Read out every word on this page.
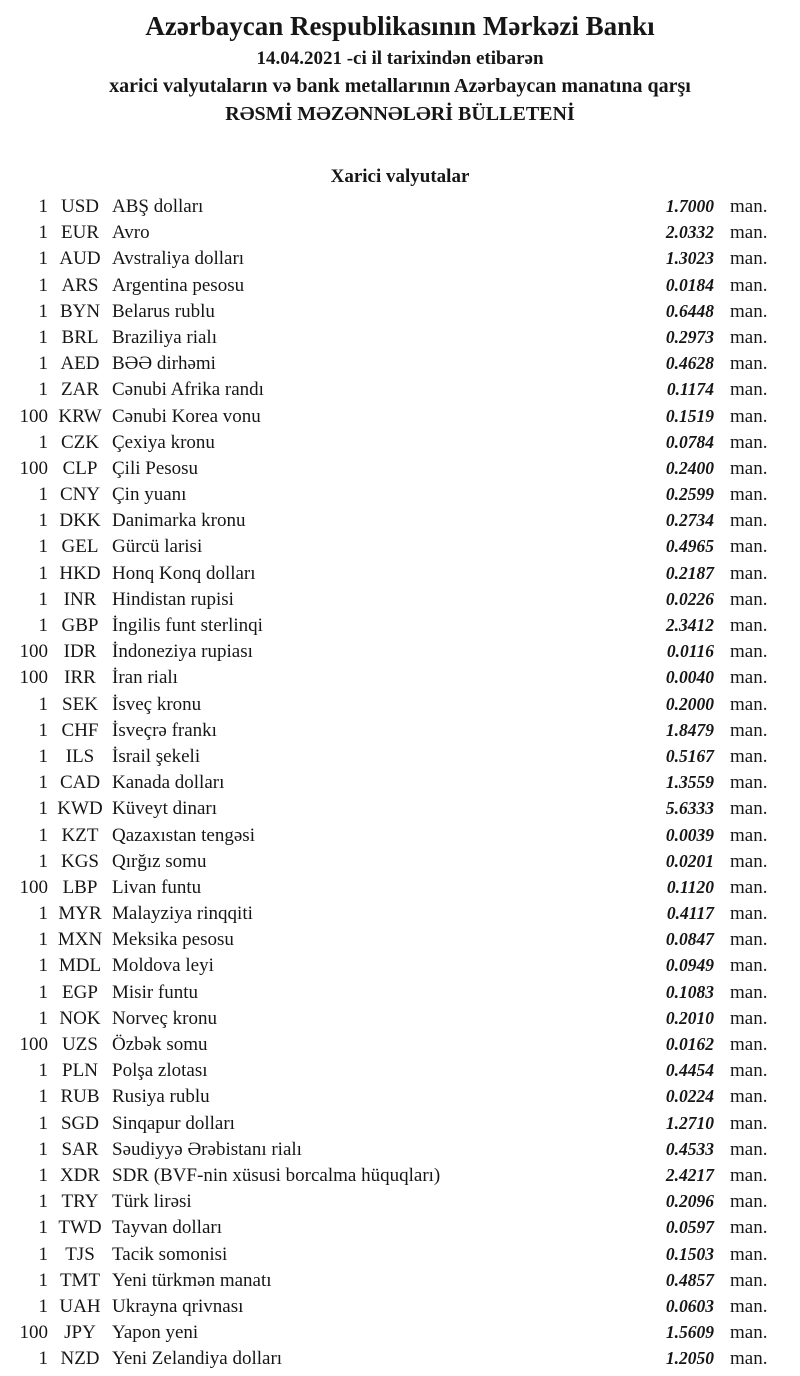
Azərbaycan Respublikasının Mərkəzi Bankı
14.04.2021 -ci il tarixindən etibarən
xarici valyutaların və bank metallarının Azərbaycan manatına qarşı
RƏSMİ MƏZƏNNƏLƏRİ BÜLLETENİ
Xarici valyutalar
1 USD ABŞ dolları	1.7000 man.
1 EUR Avro	2.0332 man.
1 AUD Avstraliya dolları	1.3023 man.
1 ARS Argentina pesosu	0.0184 man.
1 BYN Belarus rublu	0.6448 man.
1 BRL Braziliya rialı	0.2973 man.
1 AED BƏƏ dirhəmi	0.4628 man.
1 ZAR Cənubi Afrika randı	0.1174 man.
100 KRW Cənubi Korea vonu	0.1519 man.
1 CZK Çexiya kronu	0.0784 man.
100 CLP Çili Pesosu	0.2400 man.
1 CNY Çin yuanı	0.2599 man.
1 DKK Danimarka kronu	0.2734 man.
1 GEL Gürcü larisi	0.4965 man.
1 HKD Honq Konq dolları	0.2187 man.
1 INR Hindistan rupisi	0.0226 man.
1 GBP İngilis funt sterlinqi	2.3412 man.
100 IDR İndoneziya rupiası	0.0116 man.
100 IRR İran rialı	0.0040 man.
1 SEK İsveç kronu	0.2000 man.
1 CHF İsveçrə frankı	1.8479 man.
1 ILS İsrail şekeli	0.5167 man.
1 CAD Kanada dolları	1.3559 man.
1 KWD Küveyt dinarı	5.6333 man.
1 KZT Qazaxıstan tengəsi	0.0039 man.
1 KGS Qırğız somu	0.0201 man.
100 LBP Livan funtu	0.1120 man.
1 MYR Malayziya rinqqiti	0.4117 man.
1 MXN Meksika pesosu	0.0847 man.
1 MDL Moldova leyi	0.0949 man.
1 EGP Misir funtu	0.1083 man.
1 NOK Norveç kronu	0.2010 man.
100 UZS Özbək somu	0.0162 man.
1 PLN Polşa zlotası	0.4454 man.
1 RUB Rusiya rublu	0.0224 man.
1 SGD Sinqapur dolları	1.2710 man.
1 SAR Səudiyyə Ərəbistanı rialı	0.4533 man.
1 XDR SDR (BVF-nin xüsusi borcalma hüquqları)	2.4217 man.
1 TRY Türk lirəsi	0.2096 man.
1 TWD Tayvan dolları	0.0597 man.
1 TJS Tacik somonisi	0.1503 man.
1 TMT Yeni türkmən manatı	0.4857 man.
1 UAH Ukrayna qrivnası	0.0603 man.
100 JPY Yapon yeni	1.5609 man.
1 NZD Yeni Zelandiya dolları	1.2050 man.
